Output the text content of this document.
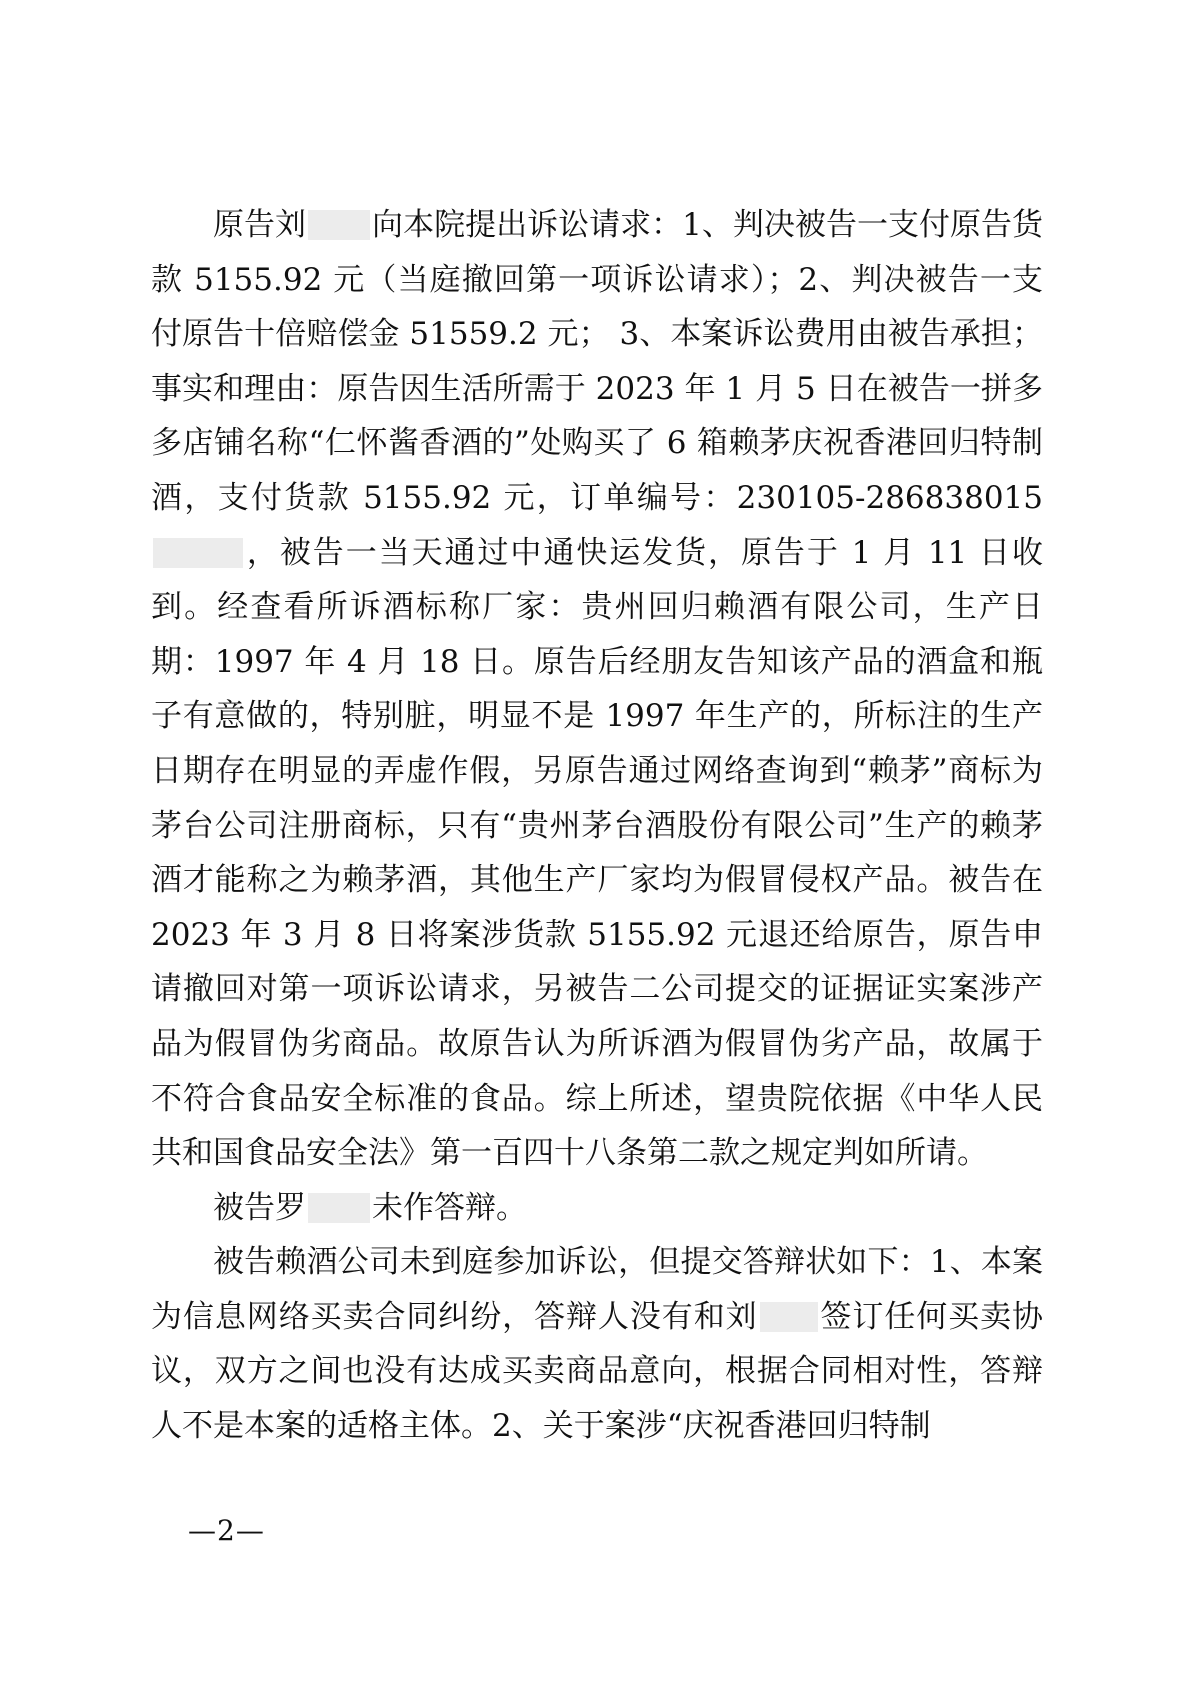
原告刘 向本院提出诉讼请求：1、判决被告一支付原告货款 5155.92 元（当庭撤回第一项诉讼请求）；2、判决被告一支付原告十倍赔偿金 51559.2 元； 3、本案诉讼费用由被告承担；事实和理由：原告因生活所需于 2023 年 1 月 5 日在被告一拼多多店铺名称“仁怀酱香酒的”处购买了 6 箱赖茅庆祝香港回归特制酒，支付货款 5155.92 元，订单编号：230105-286838015，被告一当天通过中通快运发货，原告于 1 月 11 日收到。经查看所诉酒标称厂家：贵州回归赖酒有限公司，生产日期：1997 年 4 月 18 日。原告后经朋友告知该产品的酒盒和瓶子有意做的，特别脏，明显不是 1997 年生产的，所标注的生产日期存在明显的弄虚作假，另原告通过网络查询到“赖茅”商标为茅台公司注册商标，只有“贵州茅台酒股份有限公司”生产的赖茅酒才能称之为赖茅酒，其他生产厂家均为假冒侵权产品。被告在 2023 年 3 月 8 日将案涉货款 5155.92 元退还给原告，原告申请撤回对第一项诉讼请求，另被告二公司提交的证据证实案涉产品为假冒伪劣商品。故原告认为所诉酒为假冒伪劣产品，故属于不符合食品安全标准的食品。综上所述，望贵院依据《中华人民共和国食品安全法》第一百四十八条第二款之规定判如所请。

被告罗 未作答辩。

被告赖酒公司未到庭参加诉讼，但提交答辩状如下：1、本案为信息网络买卖合同纠纷，答辩人没有和刘 签订任何买卖协议，双方之间也没有达成买卖商品意向，根据合同相对性，答辩人不是本案的适格主体。2、关于案涉“庆祝香港回归特制

—2—
